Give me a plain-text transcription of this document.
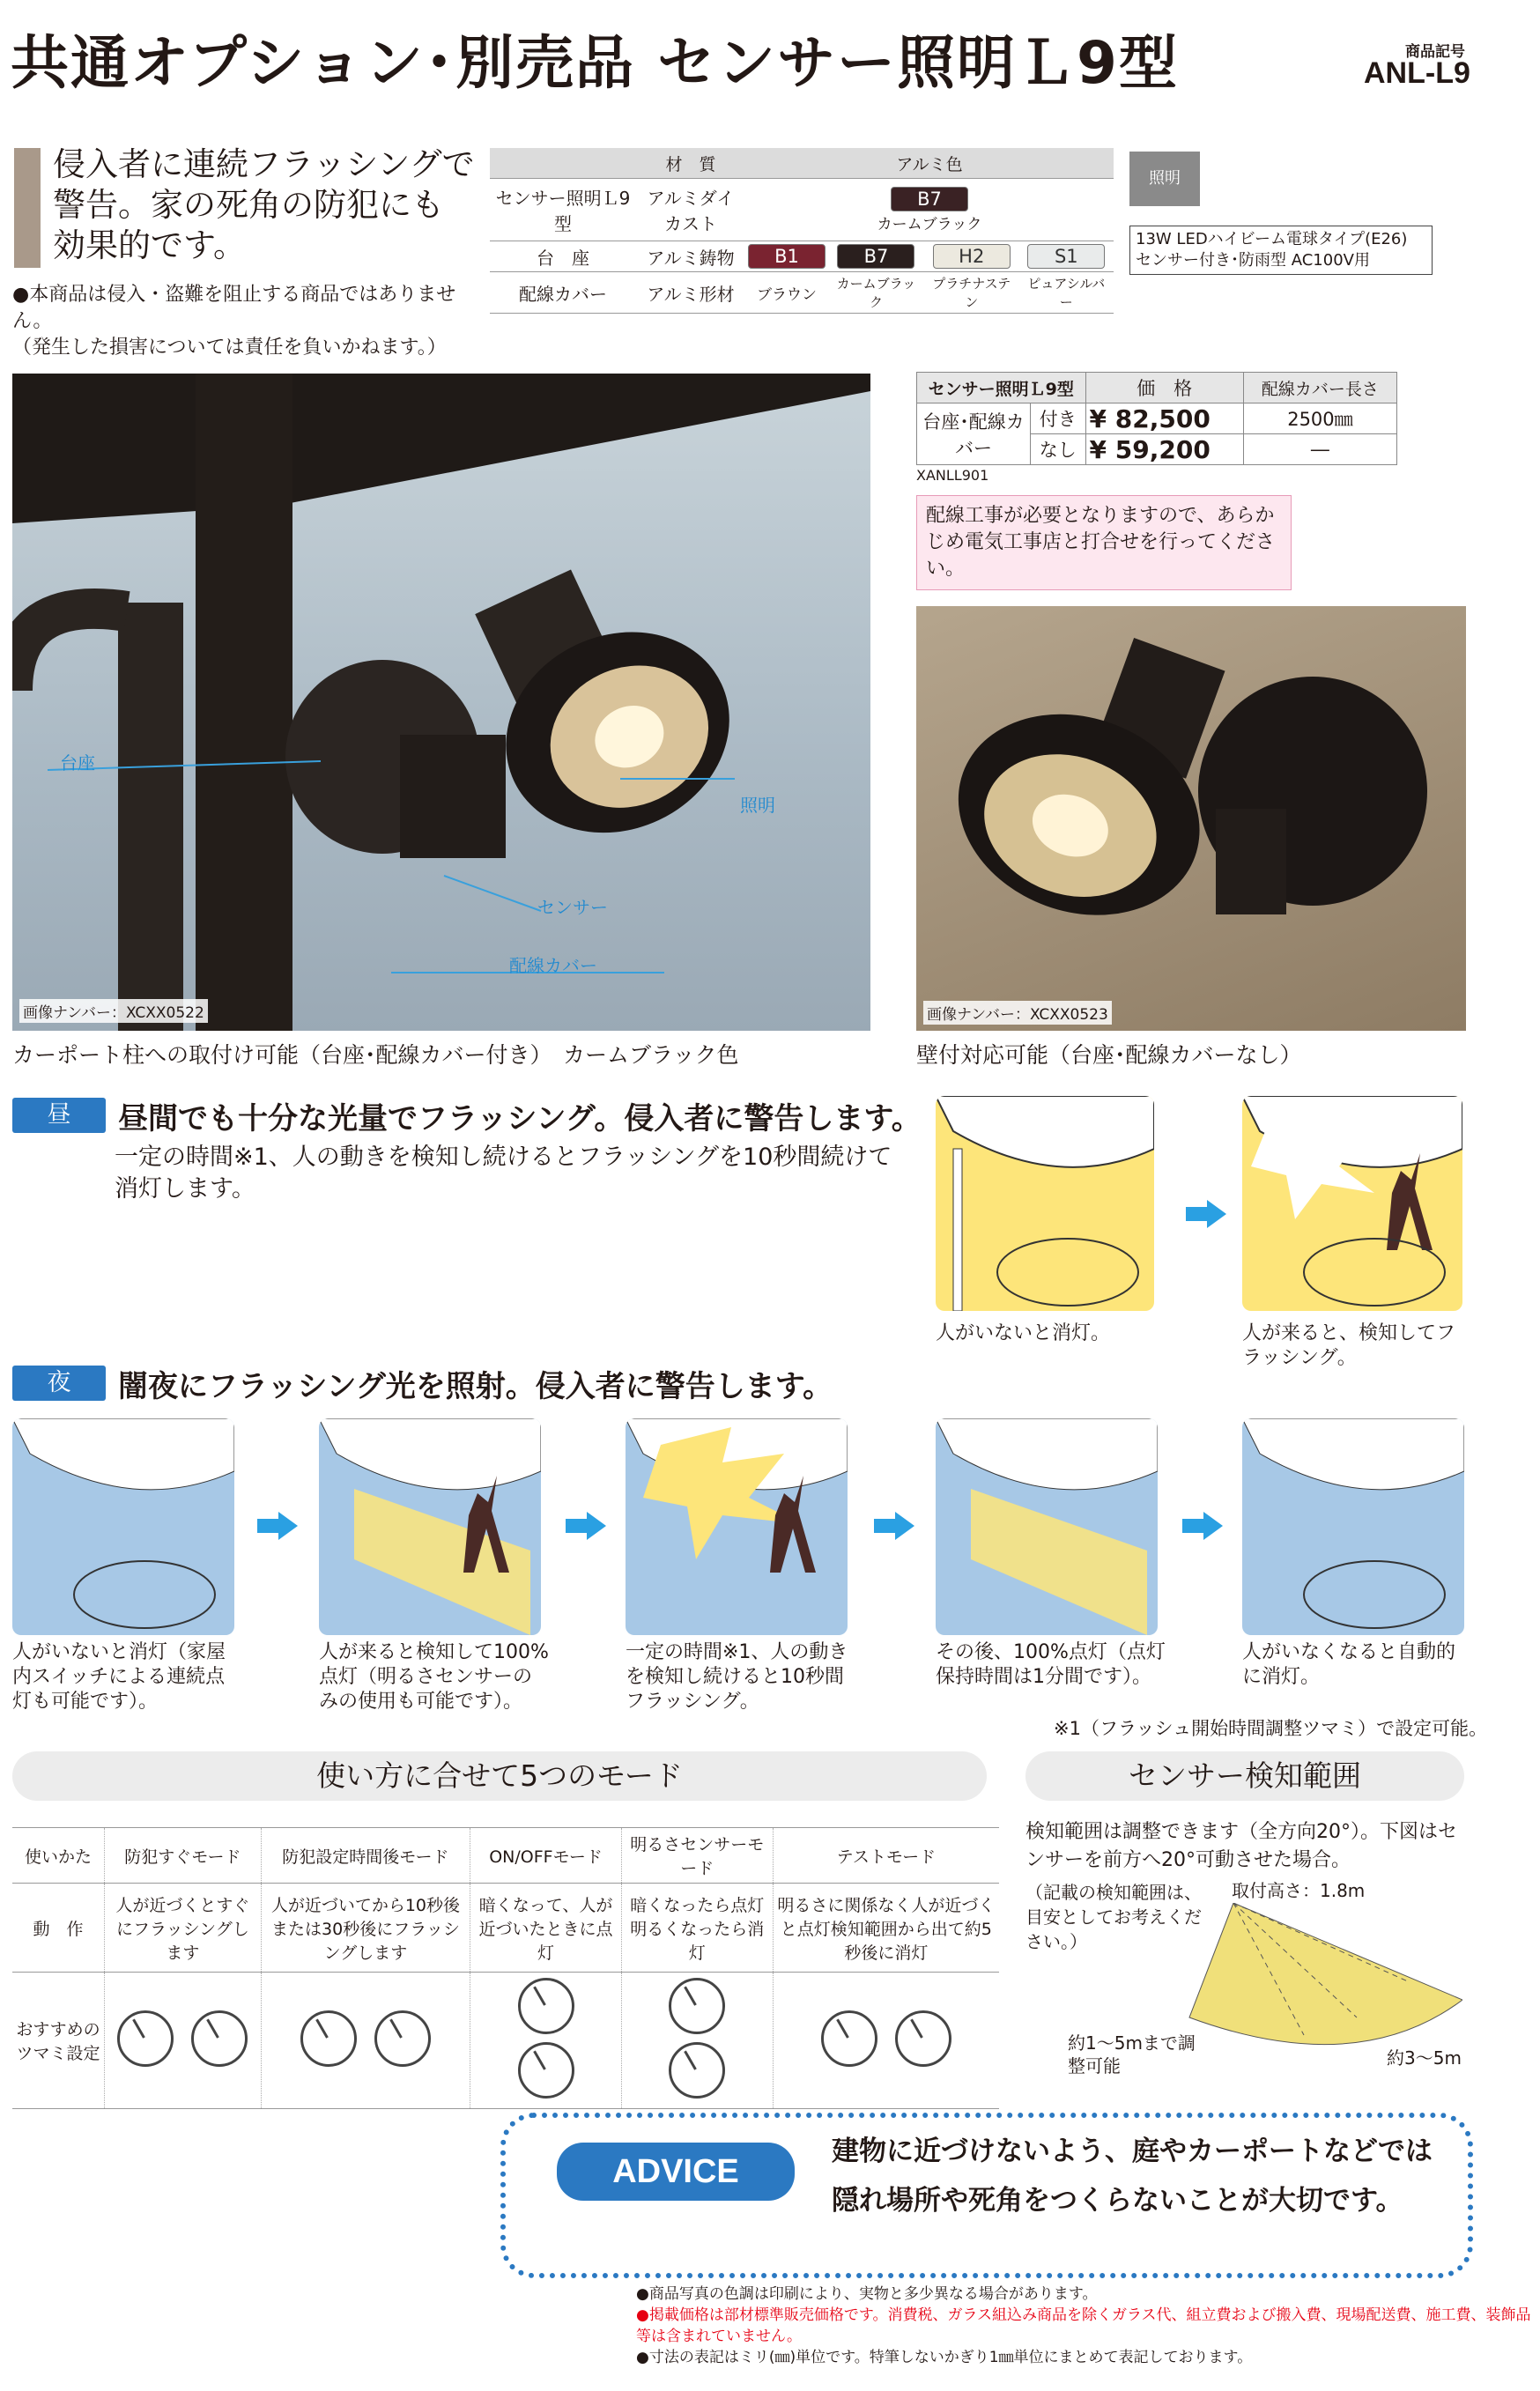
共通オプション･別売品 センサー照明Ｌ9型	商品記号
ANL-L9
侵入者に連続フラッシングで警告。家の死角の防犯にも効果的です。
●本商品は侵入・盗難を阻止する商品ではありません。
（発生した損害については責任を負いかねます。）
	材　質	アルミ色			
センサー照明Ｌ9型	アルミダイカスト	B7
カームブラック			
台　座	アルミ鋳物	B1	B7	H2	S1
配線カバー	アルミ形材	ブラウン	カームブラック	プラチナステン	ピュアシルバー
照明
13W LEDハイビーム電球タイプ(E26)
センサー付き･防雨型 AC100V用
台座
照明
センサー
配線カバー
画像ナンバー：XCXX0522
カーポート柱への取付け可能（台座･配線カバー付き）　カームブラック色
センサー照明Ｌ9型		価　格	配線カバー長さ
台座･配線カバー	付き	¥ 82,500	2500㎜
	なし	¥ 59,200	―
XANLL901
配線工事が必要となりますので、あらかじめ電気工事店と打合せを行ってください。
画像ナンバー：XCXX0523
壁付対応可能（台座･配線カバーなし）
昼	昼間でも十分な光量でフラッシング。侵入者に警告します。
一定の時間※1、人の動きを検知し続けるとフラッシングを10秒間続けて消灯します。
人がいないと消灯。	人が来ると、検知してフラッシング。
夜	闇夜にフラッシング光を照射。侵入者に警告します。
人がいないと消灯（家屋内スイッチによる連続点灯も可能です）。
人が来ると検知して100%点灯（明るさセンサーのみの使用も可能です）。
一定の時間※1、人の動きを検知し続けると10秒間フラッシング。
その後、100%点灯（点灯保持時間は1分間です）。
人がいなくなると自動的に消灯。
※1（フラッシュ開始時間調整ツマミ）で設定可能。
使い方に合せて5つのモード
使いかた	防犯すぐモード	防犯設定時間後モード	ON/OFFモード	明るさセンサーモード	テストモード
動　作	人が近づくとすぐにフラッシングします	人が近づいてから10秒後または30秒後にフラッシングします	暗くなって、人が近づいたときに点灯	暗くなったら点灯明るくなったら消灯	明るさに関係なく人が近づくと点灯検知範囲から出て約5秒後に消灯
おすすめのツマミ設定					
センサー検知範囲
検知範囲は調整できます（全方向20°）。下図はセンサーを前方へ20°可動させた場合。
（記載の検知範囲は、目安としてお考えください。）
取付高さ：1.8m
約1～5mまで調整可能	約3～5m
ADVICE
建物に近づけないよう、庭やカーポートなどでは
隠れ場所や死角をつくらないことが大切です。
●商品写真の色調は印刷により、実物と多少異なる場合があります。
●掲載価格は部材標準販売価格です。消費税、ガラス組込み商品を除くガラス代、組立費および搬入費、現場配送費、施工費、装飾品等は含まれていません。
●寸法の表記はミリ(㎜)単位です。特筆しないかぎり1㎜単位にまとめて表記しております。
